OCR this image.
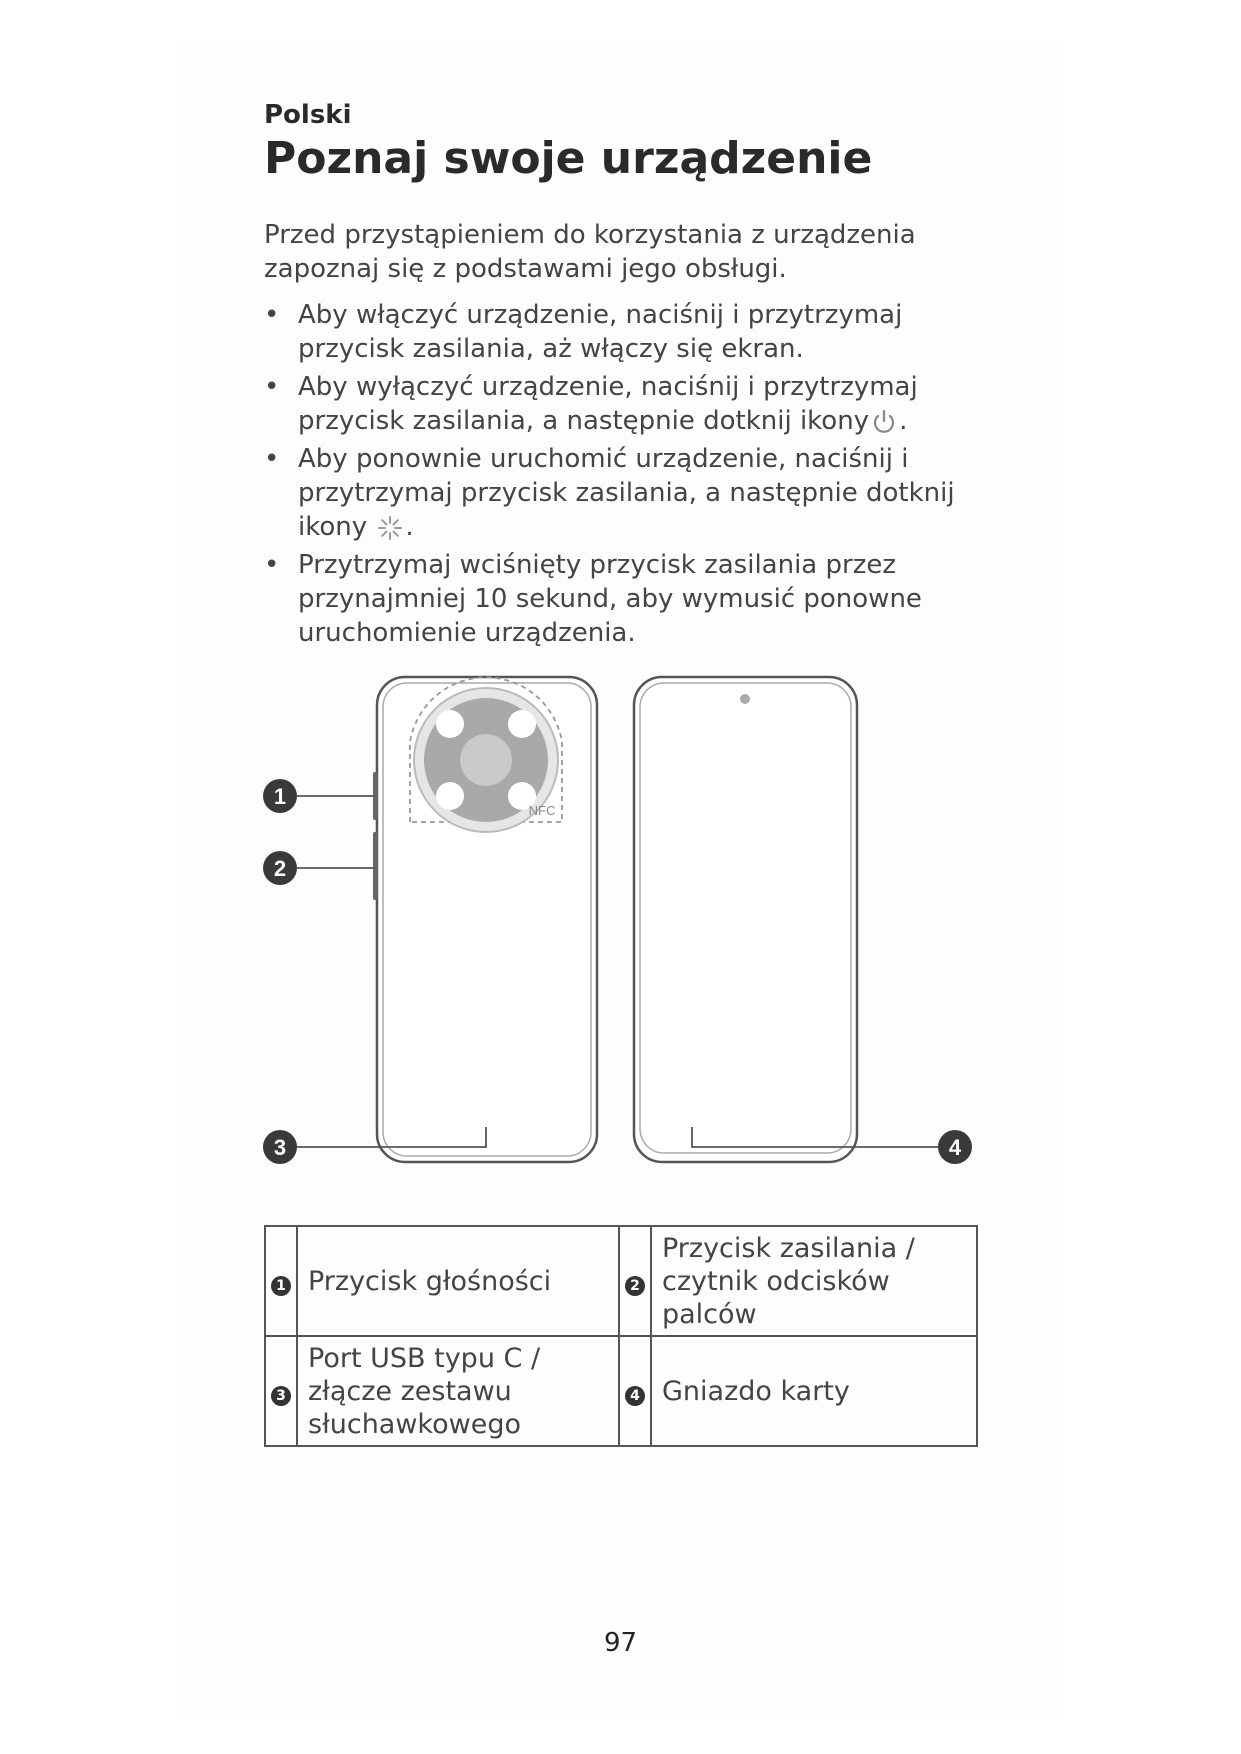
Polski
Poznaj swoje urządzenie
Przed przystąpieniem do korzystania z urządzenia zapoznaj się z podstawami jego obsługi.
• Aby włączyć urządzenie, naciśnij i przytrzymaj przycisk zasilania, aż włączy się ekran.
• Aby wyłączyć urządzenie, naciśnij i przytrzymaj przycisk zasilania, a następnie dotknij ikony .
• Aby ponownie uruchomić urządzenie, naciśnij i przytrzymaj przycisk zasilania, a następnie dotknij ikony .
• Przytrzymaj wciśnięty przycisk zasilania przez przynajmniej 10 sekund, aby wymusić ponowne uruchomienie urządzenia.
NFC
1
2
3	4
1	Przycisk głośności	2	Przycisk zasilania / czytnik odcisków palców
3	Port USB typu C / złącze zestawu słuchawkowego	4	Gniazdo karty
97
